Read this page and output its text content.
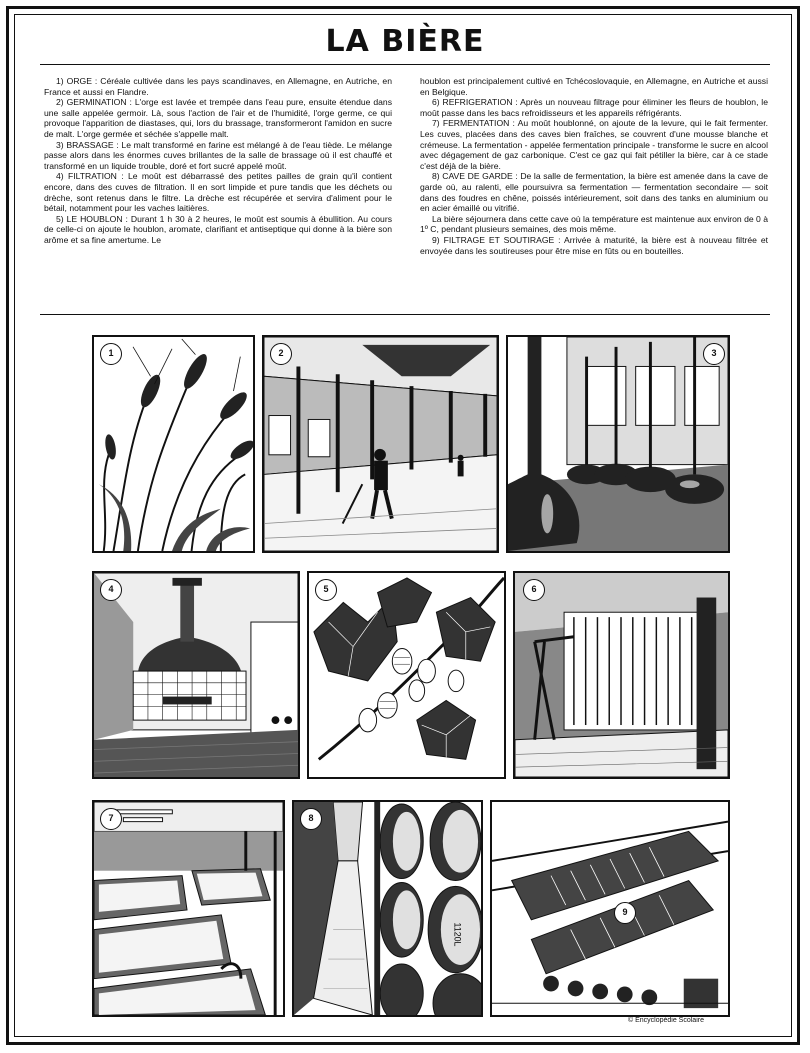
LA BIÈRE

1) ORGE : Céréale cultivée dans les pays scandinaves, en Allemagne, en Autriche, en France et aussi en Flandre.

2) GERMINATION : L'orge est lavée et trempée dans l'eau pure, ensuite étendue dans une salle appelée germoir. Là, sous l'action de l'air et de l'humidité, l'orge germe, ce qui provoque l'apparition de diastases, qui, lors du brassage, transformeront l'amidon en sucre de malt. L'orge germée et séchée s'appelle malt.

3) BRASSAGE : Le malt transformé en farine est mélangé à de l'eau tiède. Le mélange passe alors dans les énormes cuves brillantes de la salle de brassage où il est chauffé et transformé en un liquide trouble, doré et fort sucré appelé moût.

4) FILTRATION : Le moût est débarrassé des petites pailles de grain qu'il contient encore, dans des cuves de filtration. Il en sort limpide et pure tandis que les déchets ou drèche, sont retenus dans le filtre. La drèche est récupérée et servira d'aliment pour le bétail, notamment pour les vaches laitières.

5) LE HOUBLON : Durant 1 h 30 à 2 heures, le moût est soumis à ébullition. Au cours de celle-ci on ajoute le houblon, aromate, clarifiant et antiseptique qui donne à la bière son arôme et sa fine amertume. Le

houblon est principalement cultivé en Tchécoslovaquie, en Allemagne, en Autriche et aussi en Belgique.

6) REFRIGERATION : Après un nouveau filtrage pour éliminer les fleurs de houblon, le moût passe dans les bacs refroidisseurs et les appareils réfrigérants.

7) FERMENTATION : Au moût houblonné, on ajoute de la levure, qui le fait fermenter. Les cuves, placées dans des caves bien fraîches, se couvrent d'une mousse blanche et crémeuse. La fermentation - appelée fermentation principale - transforme le sucre en alcool avec dégagement de gaz carbonique. C'est ce gaz qui fait pétiller la bière, car à ce stade c'est déjà de la bière.

8) CAVE DE GARDE : De la salle de fermentation, la bière est amenée dans la cave de garde où, au ralenti, elle poursuivra sa fermentation — fermentation secondaire — soit dans des foudres en chêne, poissés intérieurement, soit dans des tanks en aluminium ou en acier émaillé ou vitrifié.

La bière séjournera dans cette cave où la température est maintenue aux environ de 0 à 1º C, pendant plusieurs semaines, des mois même.

9) FILTRAGE ET SOUTIRAGE : Arrivée à maturité, la bière est à nouveau filtrée et envoyée dans les soutireuses pour être mise en fûts ou en bouteilles.

1	2	3
4	5	6
7
1120L
8
9
© Encyclopédie Scolaire
